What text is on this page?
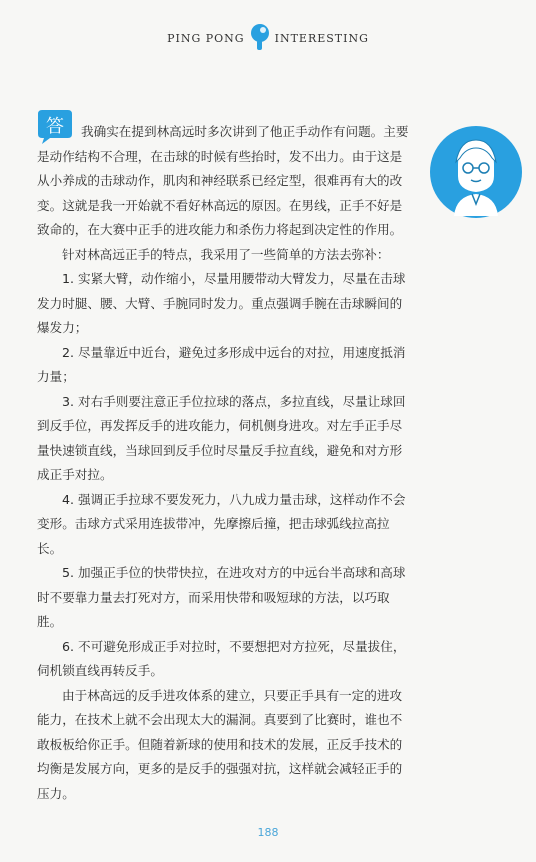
PING PONG	INTERESTING
答	我确实在提到林高远时多次讲到了他正手动作有问题。主要是动作结构不合理，在击球的时候有些抬时，发不出力。由于这是从小养成的击球动作，肌肉和神经联系已经定型，很难再有大的改变。这就是我一开始就不看好林高远的原因。在男线，正手不好是致命的，在大赛中正手的进攻能力和杀伤力将起到决定性的作用。

针对林高远正手的特点，我采用了一些简单的方法去弥补：

1. 实紧大臂，动作缩小，尽量用腰带动大臂发力，尽量在击球发力时腿、腰、大臂、手腕同时发力。重点强调手腕在击球瞬间的爆发力；

2. 尽量靠近中近台，避免过多形成中远台的对拉，用速度抵消力量；

3. 对右手则要注意正手位拉球的落点，多拉直线，尽量让球回到反手位，再发挥反手的进攻能力，伺机侧身进攻。对左手正手尽量快速锁直线，当球回到反手位时尽量反手拉直线，避免和对方形成正手对拉。

4. 强调正手拉球不要发死力，八九成力量击球，这样动作不会变形。击球方式采用连拔带冲，先摩擦后撞，把击球弧线拉高拉长。

5. 加强正手位的快带快拉，在进攻对方的中远台半高球和高球时不要靠力量去打死对方，而采用快带和吸短球的方法，以巧取胜。

6. 不可避免形成正手对拉时，不要想把对方拉死，尽量拔住，伺机锁直线再转反手。

由于林高远的反手进攻体系的建立，只要正手具有一定的进攻能力，在技术上就不会出现太大的漏洞。真要到了比赛时，谁也不敢板板给你正手。但随着新球的使用和技术的发展，正反手技术的均衡是发展方向，更多的是反手的强强对抗，这样就会减轻正手的压力。

188
